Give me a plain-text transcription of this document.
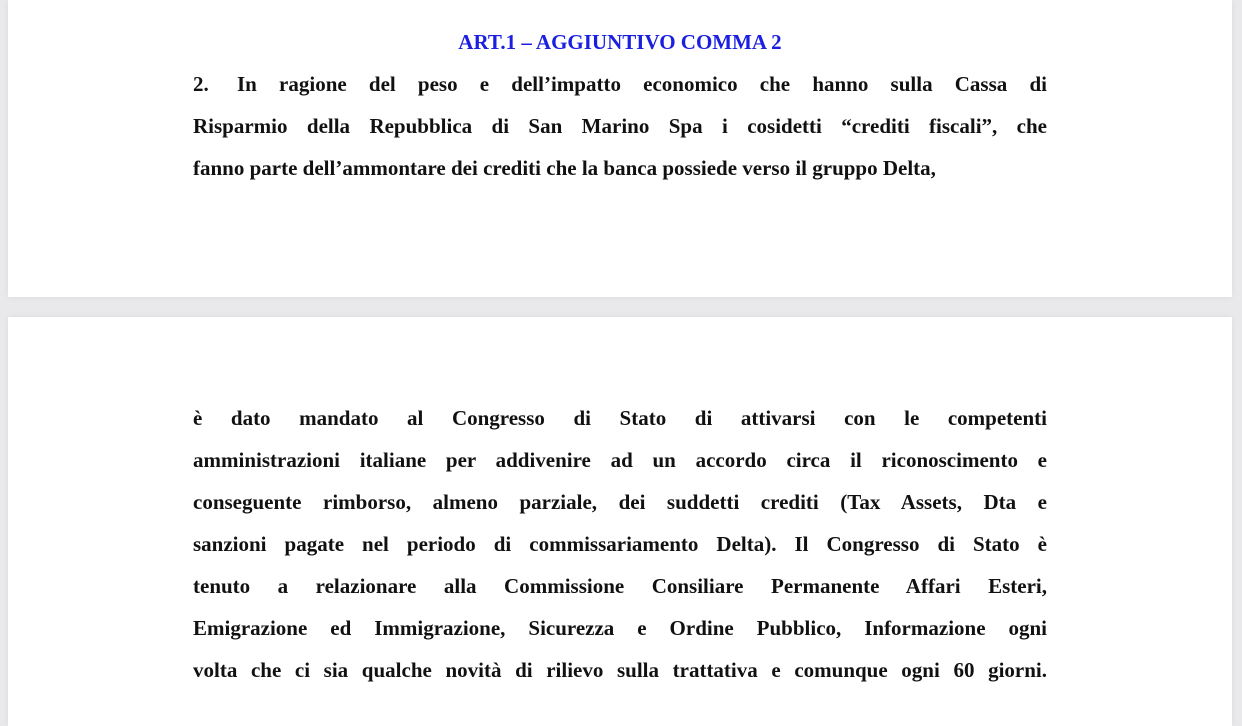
ART.1 – AGGIUNTIVO COMMA 2

2. In ragione del peso e dell’impatto economico che hanno sulla Cassa di
Risparmio della Repubblica di San Marino Spa i cosidetti “crediti fiscali”, che
fanno parte dell’ammontare dei crediti che la banca possiede verso il gruppo Delta,

è dato mandato al Congresso di Stato di attivarsi con le competenti
amministrazioni italiane per addivenire ad un accordo circa il riconoscimento e
conseguente rimborso, almeno parziale, dei suddetti crediti (Tax Assets, Dta e
sanzioni pagate nel periodo di commissariamento Delta). Il Congresso di Stato è
tenuto a relazionare alla Commissione Consiliare Permanente Affari Esteri,
Emigrazione ed Immigrazione, Sicurezza e Ordine Pubblico, Informazione ogni
volta che ci sia qualche novità di rilievo sulla trattativa e comunque ogni 60 giorni.
